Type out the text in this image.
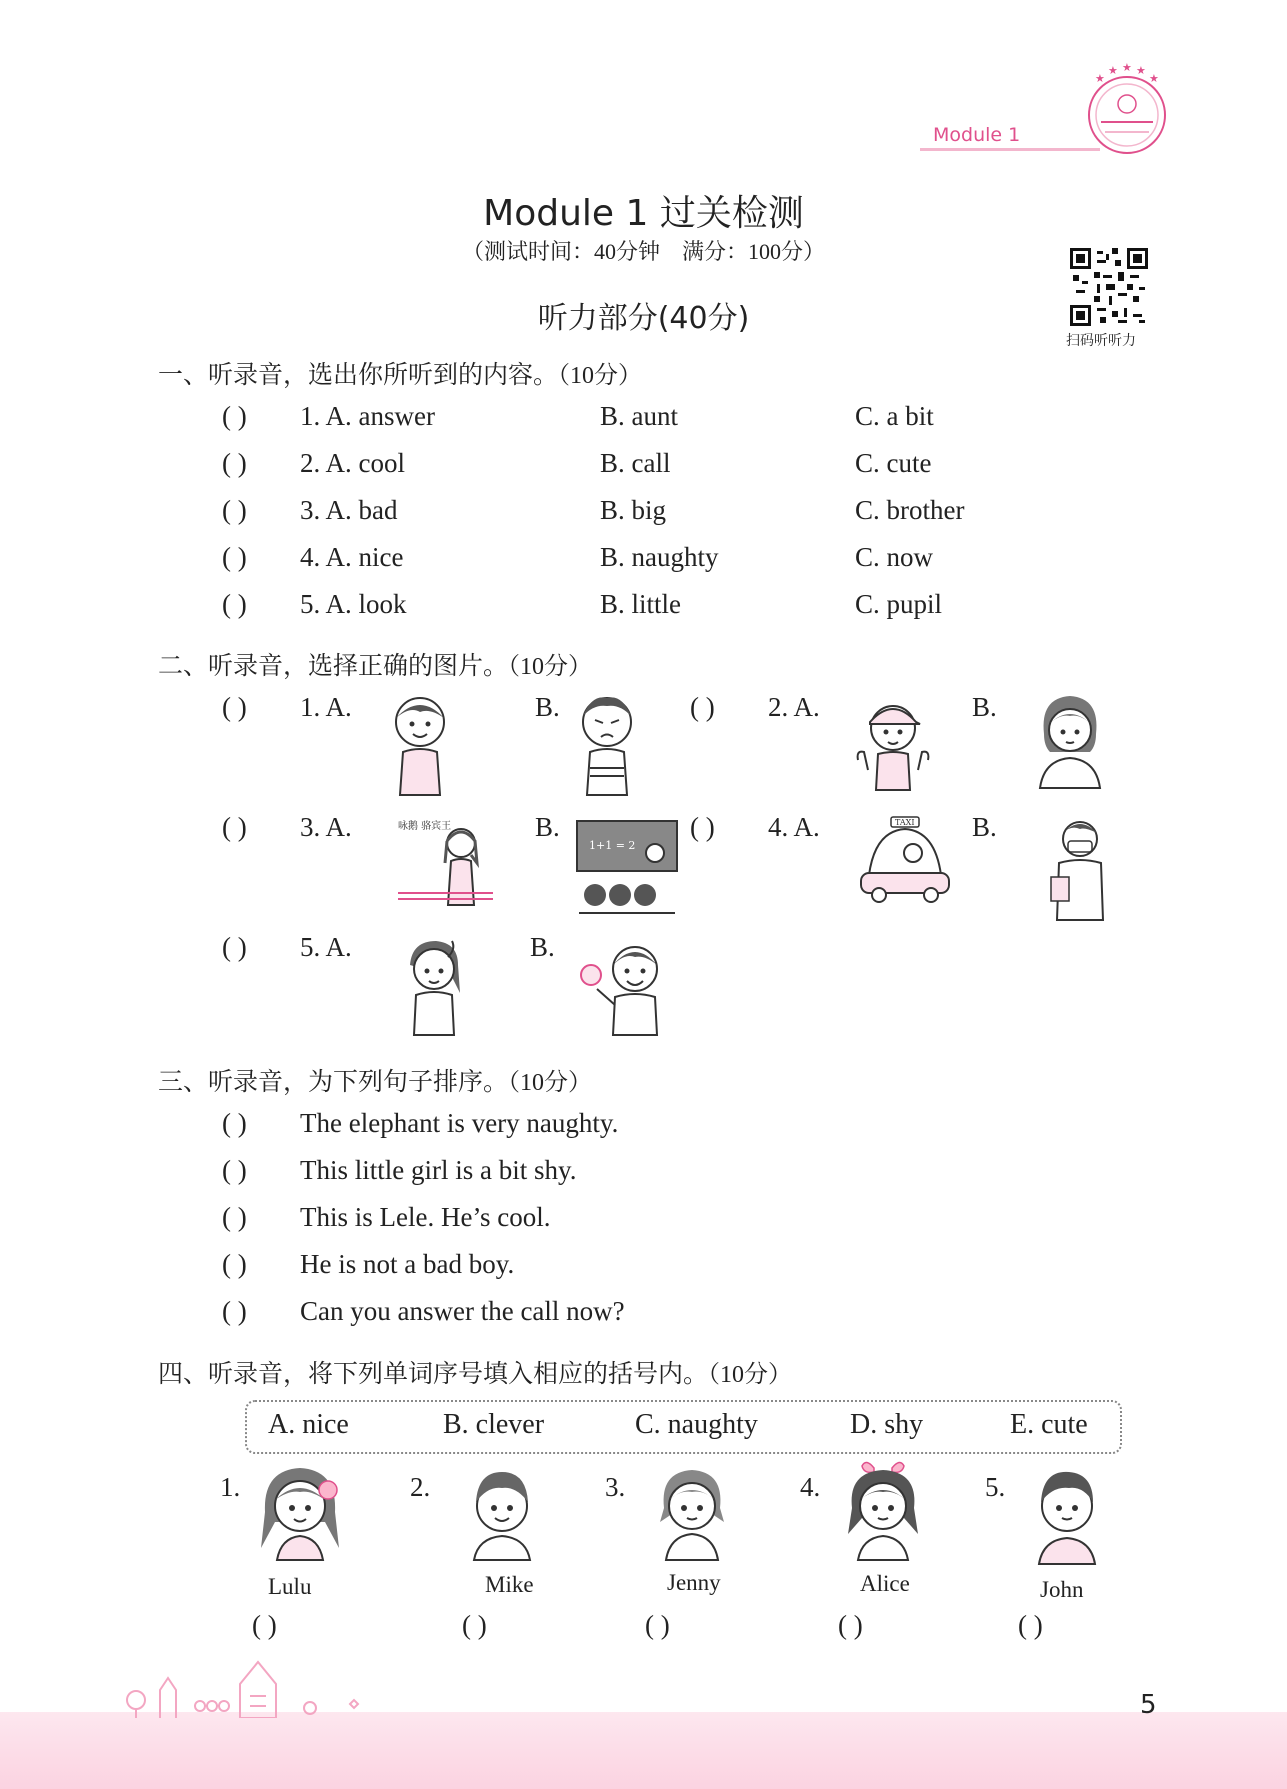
★
★ ★ ★
★
Module 1
Module 1 过关检测
（测试时间：40分钟　满分：100分）
听力部分(40分)
扫码听听力
一、听录音，选出你所听到的内容。（10分）
( ) 1. A. answer	B. aunt	C. a bit
( ) 2. A. cool	B. call	C. cute
( ) 3. A. bad	B. big	C. brother
( ) 4. A. nice	B. naughty	C. now
( ) 5. A. look	B. little	C. pupil
二、听录音，选择正确的图片。（10分）
( ) 1. A.	B.	( ) 2. A.	B.
( ) 3. A.	B.	( ) 4. A.	B.
咏鹅 骆宾王
1+1 = 2
TAXI
( ) 5. A.	B.
三、听录音，为下列句子排序。（10分）
( ) The elephant is very naughty.
( ) This little girl is a bit shy.
( ) This is Lele. He’s cool.
( ) He is not a bad boy.
( ) Can you answer the call now?
四、听录音，将下列单词序号填入相应的括号内。（10分）
A. nice	B. clever	C. naughty	D. shy	E. cute
1.
Lulu
( )
2.
Mike
( )
3.
Jenny
( )
4.
Alice
( )
5.
John
( )
5
